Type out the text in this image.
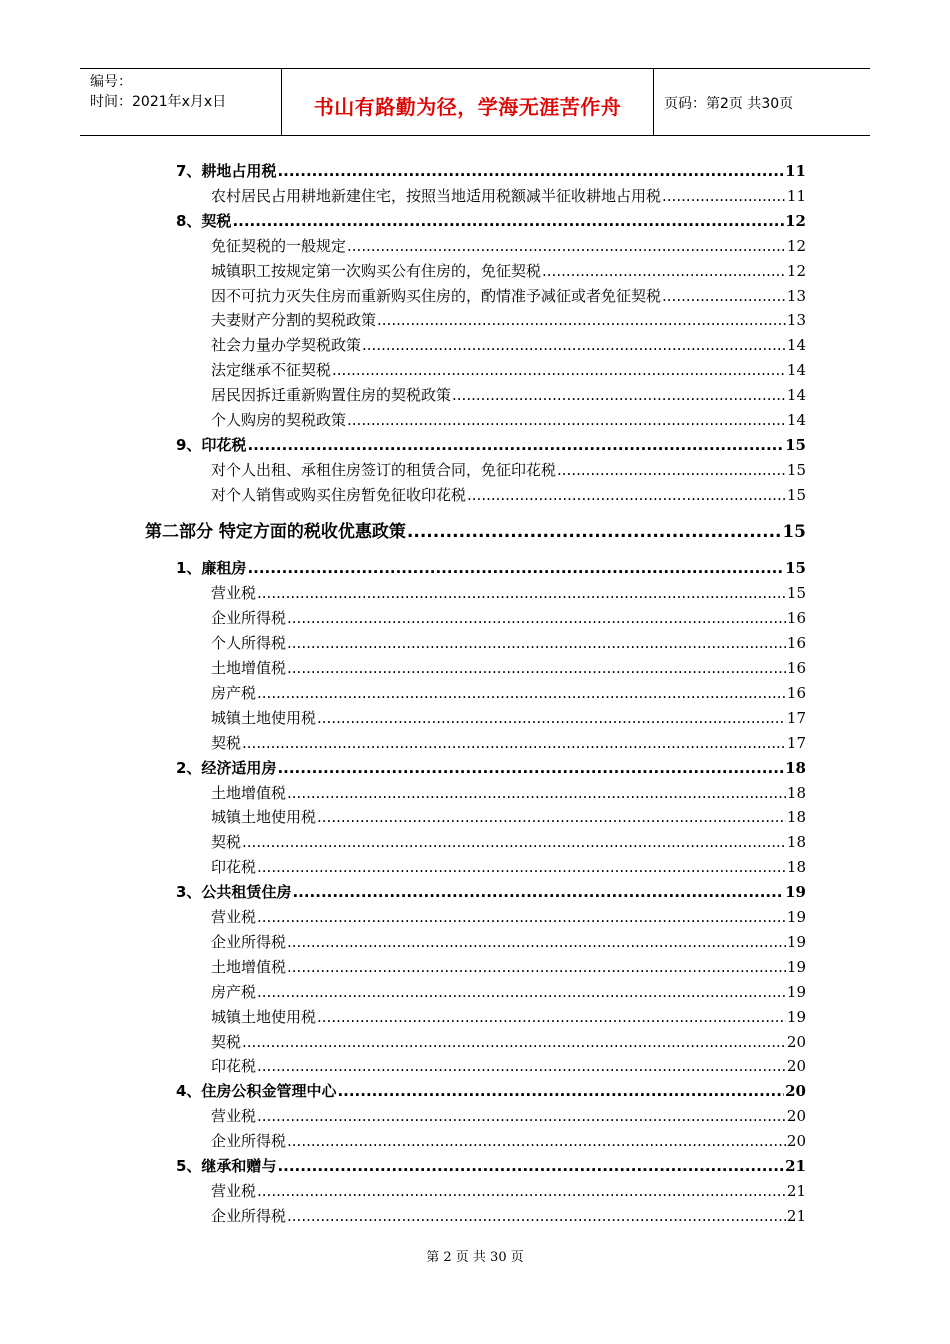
编号：
时间：2021年x月x日	书山有路勤为径，学海无涯苦作舟	页码：第2页 共30页
7、耕地占用税 .....	11
农村居民占用耕地新建住宅，按照当地适用税额减半征收耕地占用税 .....	11
8、契税 .....	12
免征契税的一般规定 .....	12
城镇职工按规定第一次购买公有住房的，免征契税 .....	12
因不可抗力灭失住房而重新购买住房的，酌情准予减征或者免征契税 .....	13
夫妻财产分割的契税政策 .....	13
社会力量办学契税政策 .....	14
法定继承不征契税 .....	14
居民因拆迁重新购置住房的契税政策 .....	14
个人购房的契税政策 .....	14
9、印花税 .....	15
对个人出租、承租住房签订的租赁合同，免征印花税 .....	15
对个人销售或购买住房暂免征收印花税 .....	15
第二部分 特定方面的税收优惠政策 .....	15
1、廉租房 .....	15
营业税 .....	15
企业所得税 .....	16
个人所得税 .....	16
土地增值税 .....	16
房产税 .....	16
城镇土地使用税 .....	17
契税 .....	17
2、经济适用房 .....	18
土地增值税 .....	18
城镇土地使用税 .....	18
契税 .....	18
印花税 .....	18
3、公共租赁住房 .....	19
营业税 .....	19
企业所得税 .....	19
土地增值税 .....	19
房产税 .....	19
城镇土地使用税 .....	19
契税 .....	20
印花税 .....	20
4、住房公积金管理中心 .....	20
营业税 .....	20
企业所得税 .....	20
5、继承和赠与 .....	21
营业税 .....	21
企业所得税 .....	21
第 2 页 共 30 页
